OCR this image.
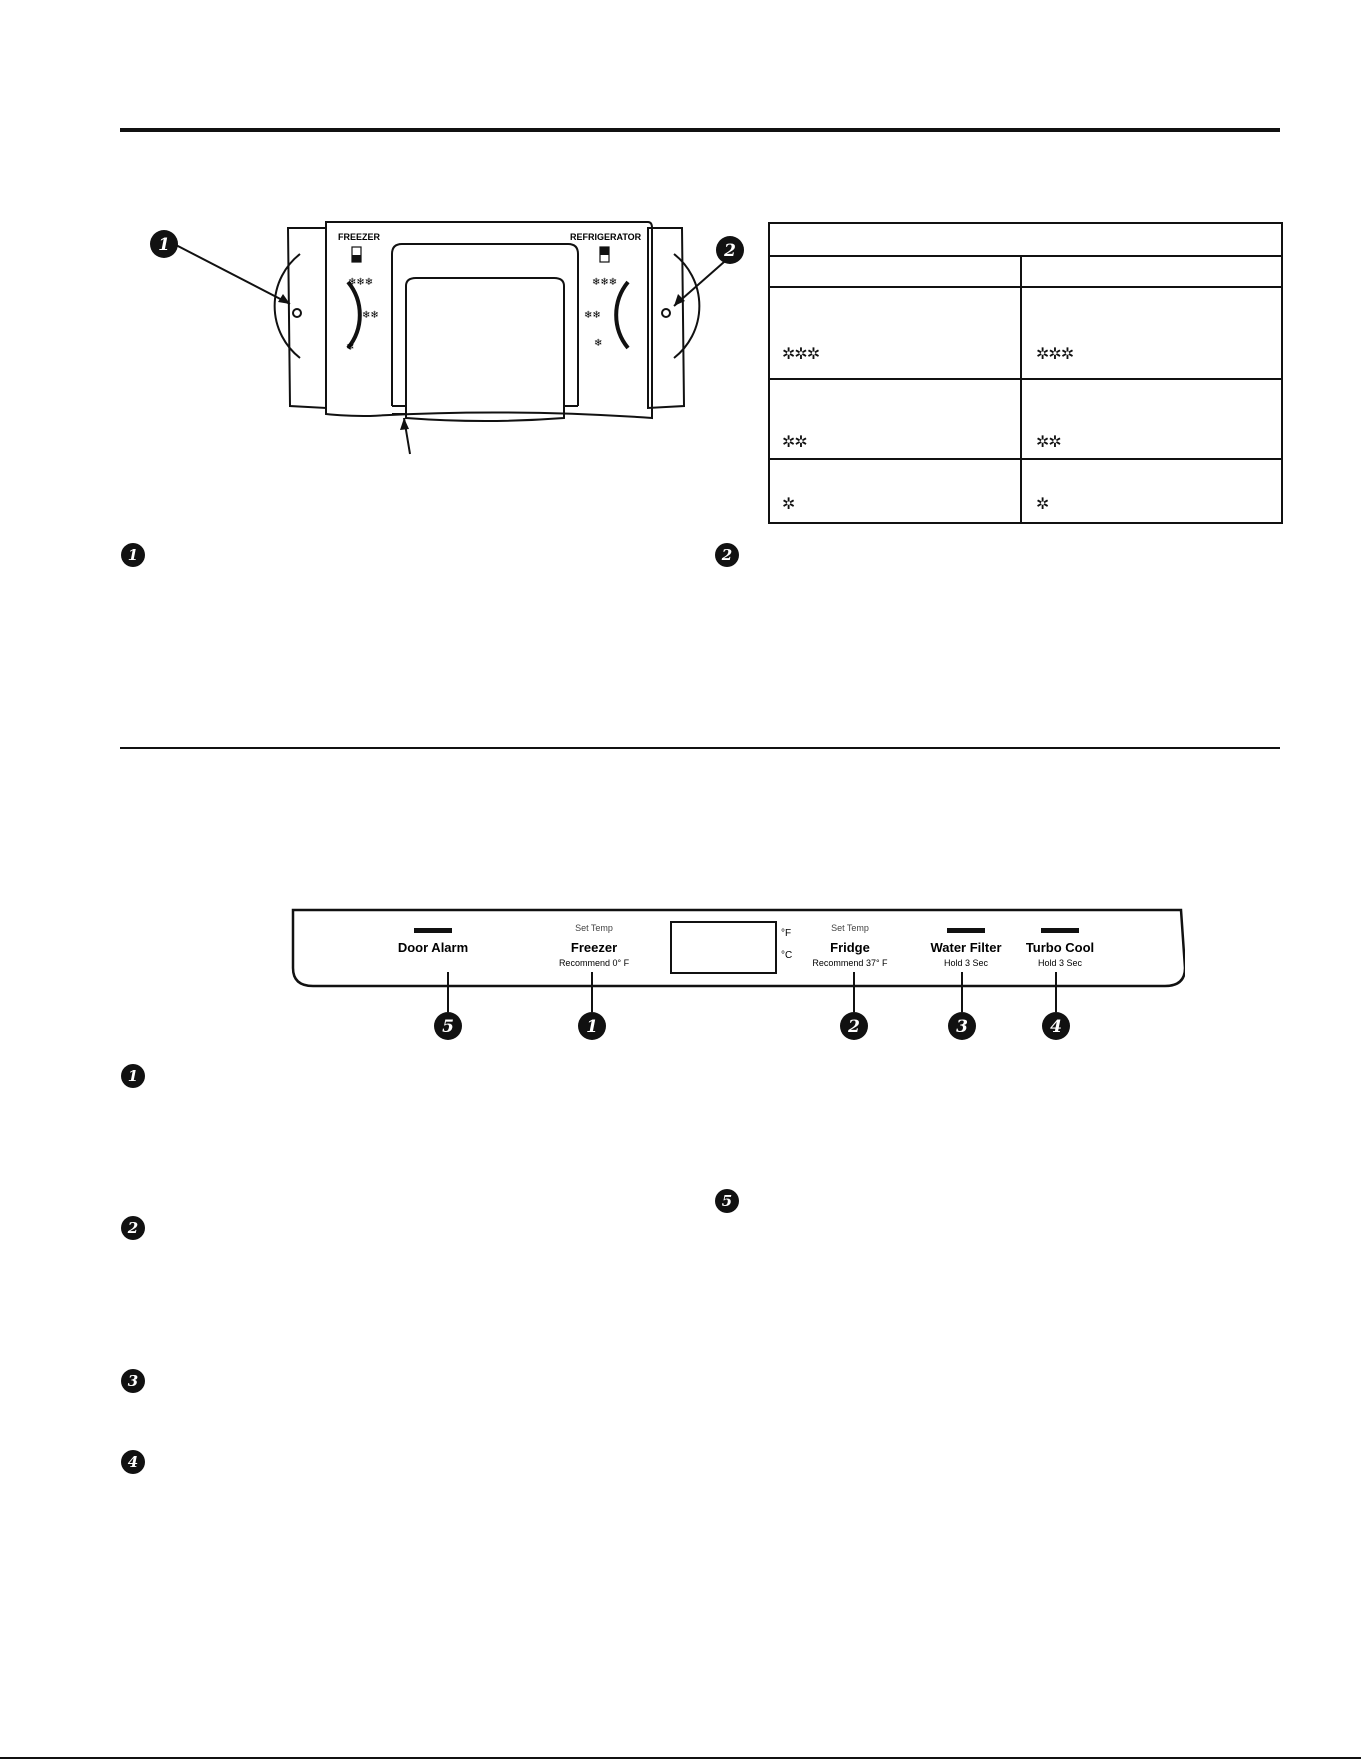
FREEZER	REFRIGERATOR
❄❄❄
❄❄
❄
❄❄❄
❄❄
❄
1	2
✲✲✲	✲✲✲
✲✲	✲✲
✲	✲
1	2
°F
°C
Door Alarm
Set Temp
Freezer
Recommend 0° F
Set Temp
Fridge
Recommend 37° F
Water Filter
Hold 3 Sec
Turbo Cool
Hold 3 Sec
5	1	2	3	4
1
2
3
4
5
